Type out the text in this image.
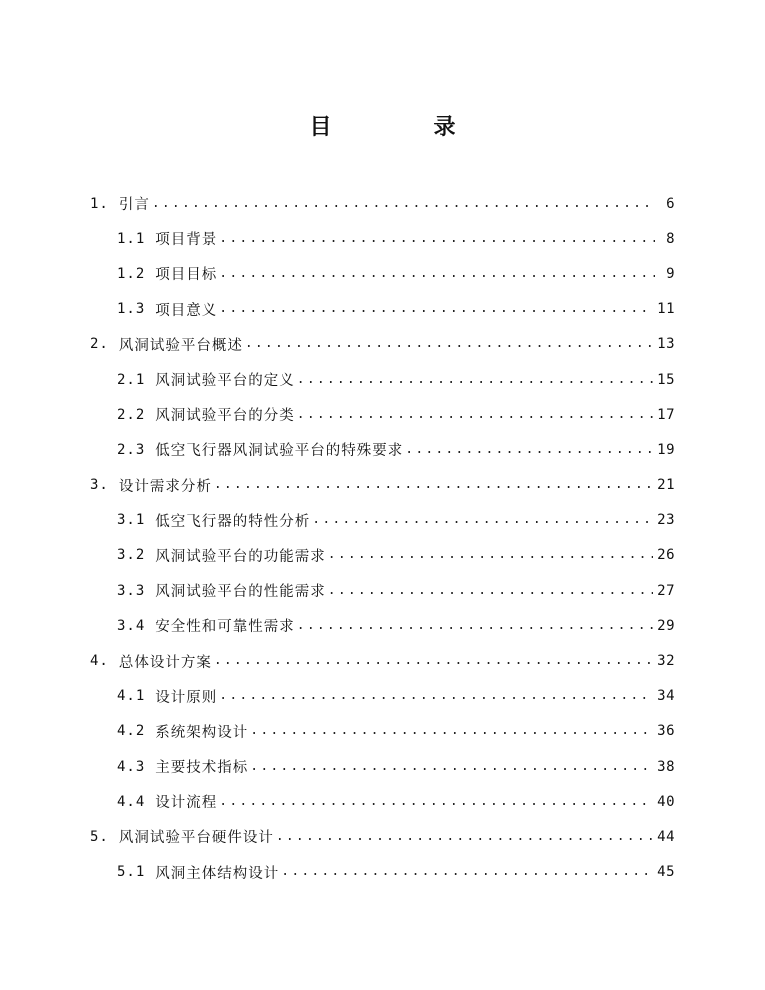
目　录
1. 引言 .....	6
1.1 项目背景 .....	8
1.2 项目目标 .....	9
1.3 项目意义 .....	11
2. 风洞试验平台概述 .....	13
2.1 风洞试验平台的定义 .....	15
2.2 风洞试验平台的分类 .....	17
2.3 低空飞行器风洞试验平台的特殊要求 .....	19
3. 设计需求分析 .....	21
3.1 低空飞行器的特性分析 .....	23
3.2 风洞试验平台的功能需求 .....	26
3.3 风洞试验平台的性能需求 .....	27
3.4 安全性和可靠性需求 .....	29
4. 总体设计方案 .....	32
4.1 设计原则 .....	34
4.2 系统架构设计 .....	36
4.3 主要技术指标 .....	38
4.4 设计流程 .....	40
5. 风洞试验平台硬件设计 .....	44
5.1 风洞主体结构设计 .....	45
